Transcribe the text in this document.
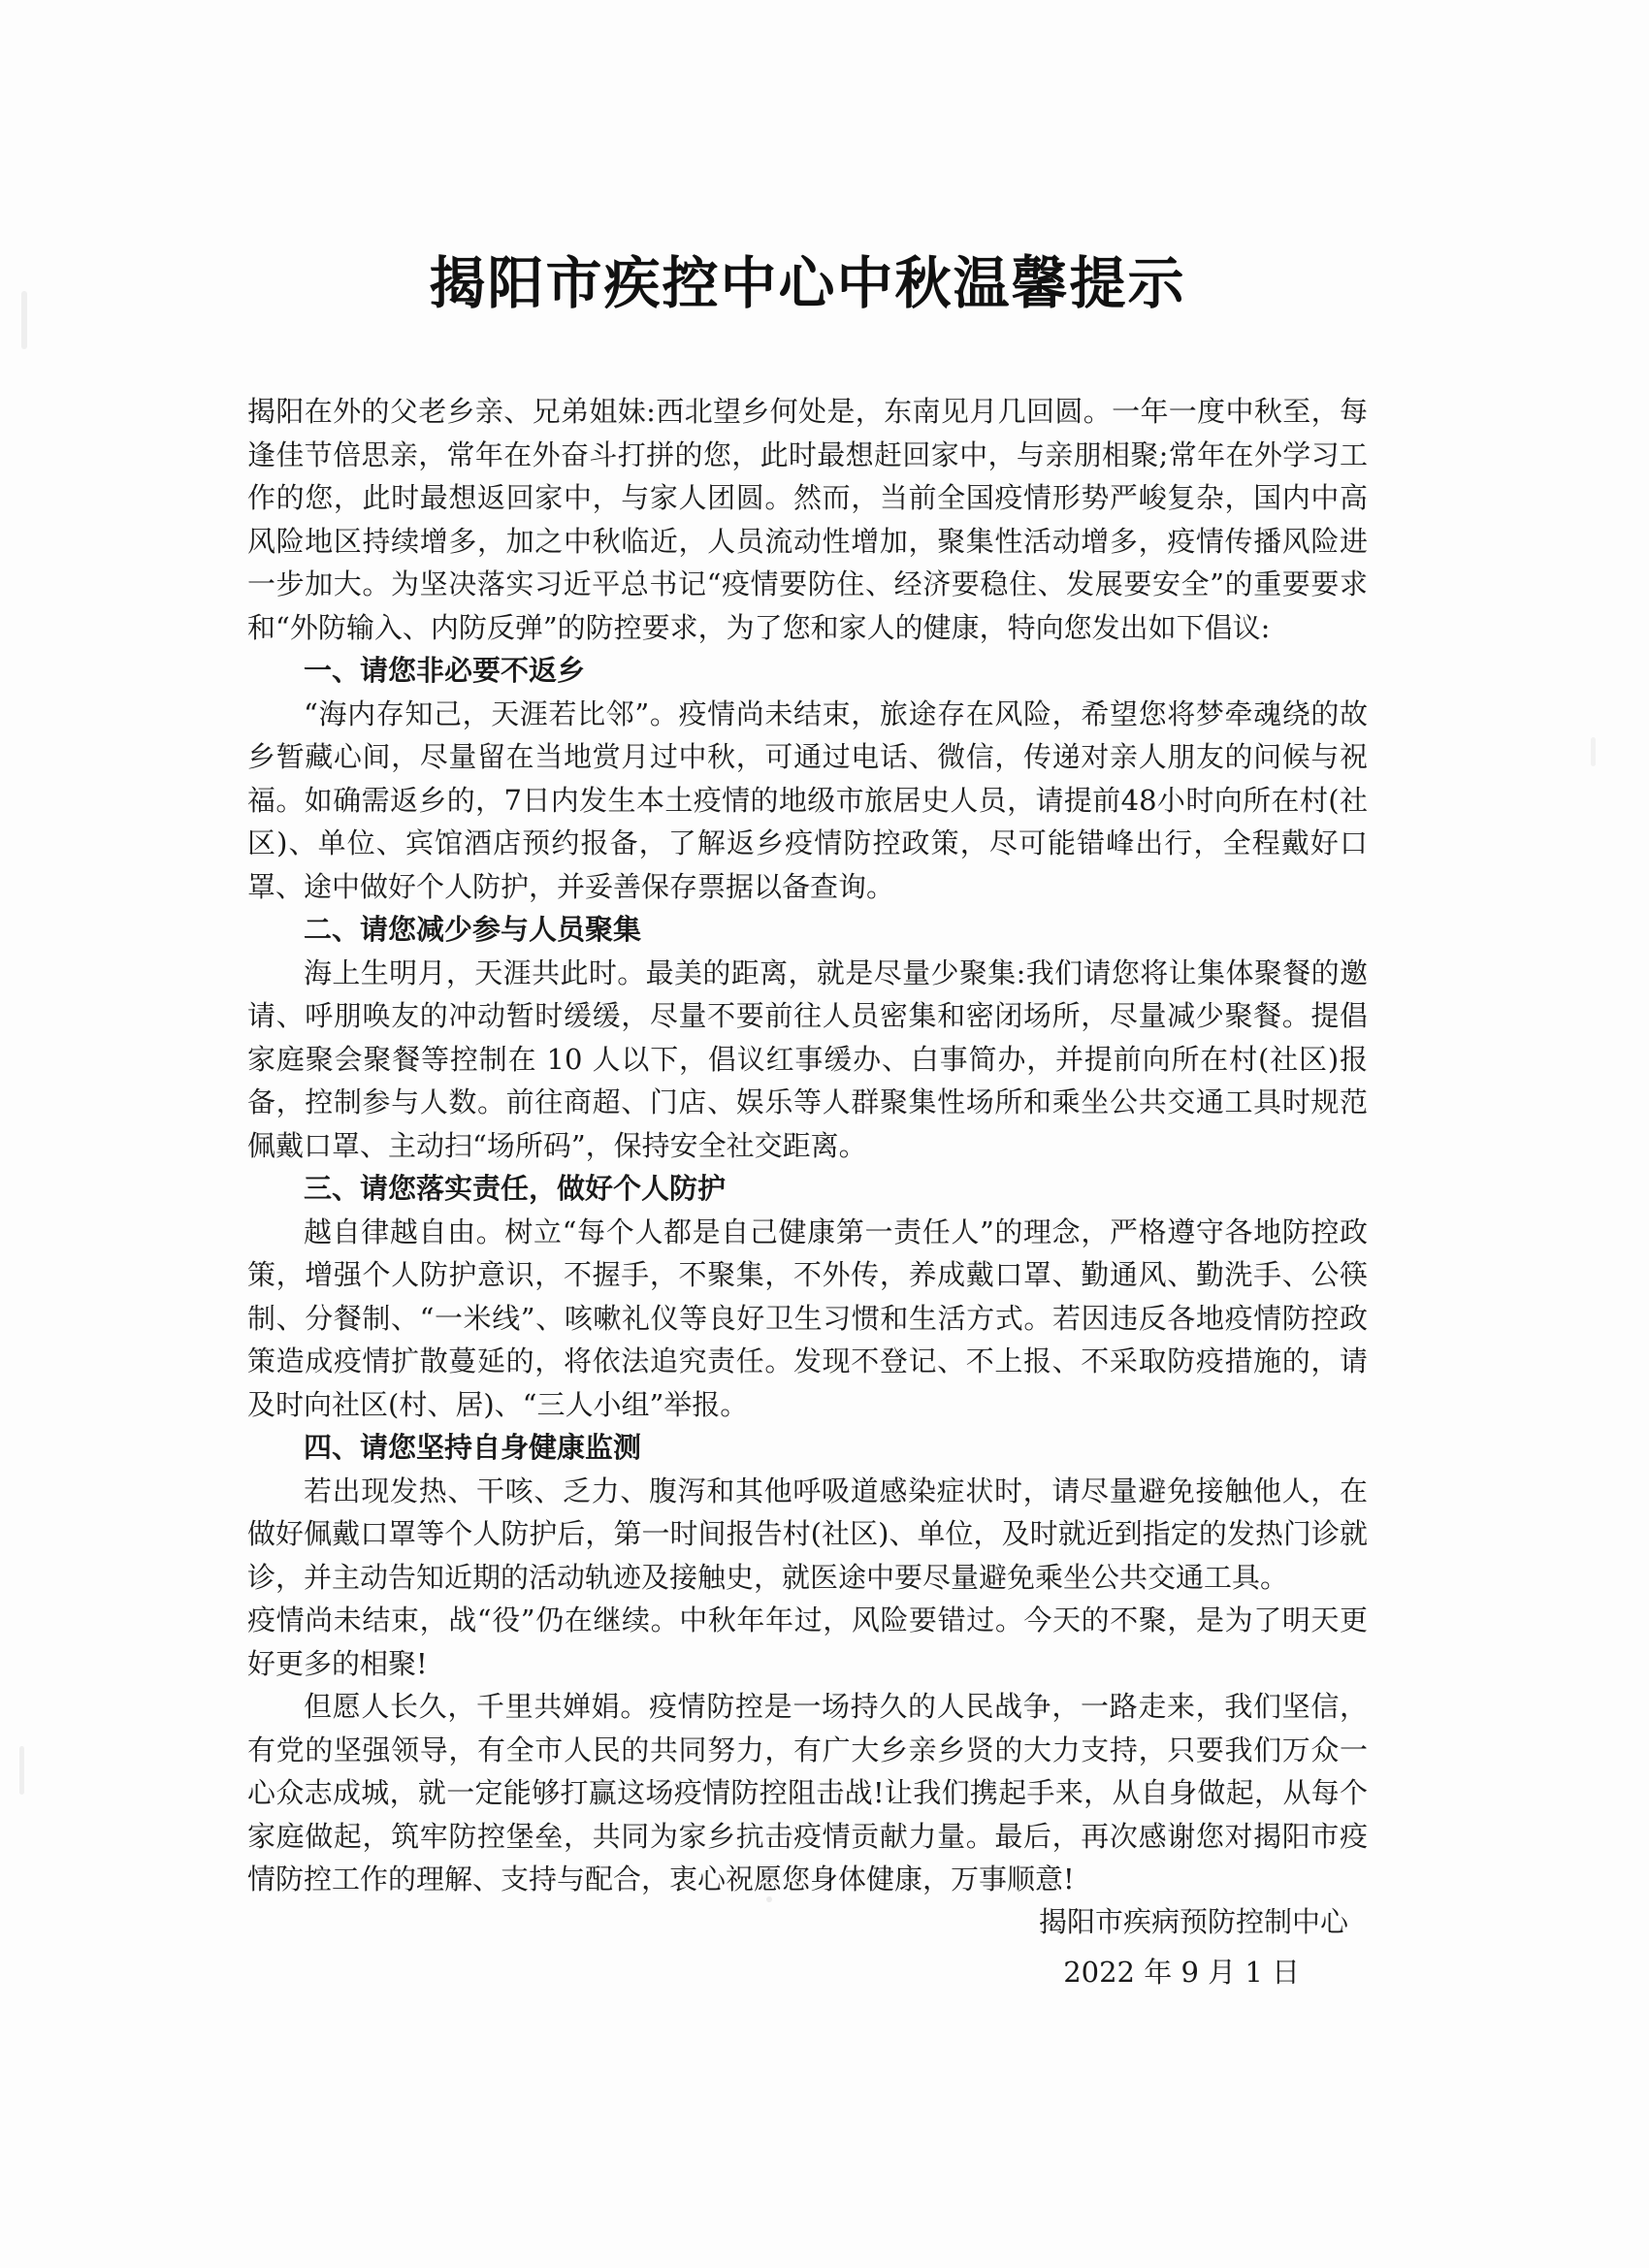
揭阳市疾控中心中秋温馨提示

揭阳在外的父老乡亲、兄弟姐妹:西北望乡何处是，东南见月几回圆。一年一度中秋至，每逢佳节倍思亲，常年在外奋斗打拼的您，此时最想赶回家中，与亲朋相聚;常年在外学习工作的您，此时最想返回家中，与家人团圆。然而，当前全国疫情形势严峻复杂，国内中高风险地区持续增多，加之中秋临近，人员流动性增加，聚集性活动增多，疫情传播风险进一步加大。为坚决落实习近平总书记“疫情要防住、经济要稳住、发展要安全”的重要要求和“外防输入、内防反弹”的防控要求，为了您和家人的健康，特向您发出如下倡议:

一、请您非必要不返乡

“海内存知己，天涯若比邻”。疫情尚未结束，旅途存在风险，希望您将梦牵魂绕的故乡暂藏心间，尽量留在当地赏月过中秋，可通过电话、微信，传递对亲人朋友的问候与祝福。如确需返乡的，7日内发生本土疫情的地级市旅居史人员，请提前48小时向所在村(社区)、单位、宾馆酒店预约报备，了解返乡疫情防控政策，尽可能错峰出行，全程戴好口罩、途中做好个人防护，并妥善保存票据以备查询。

二、请您减少参与人员聚集

海上生明月，天涯共此时。最美的距离，就是尽量少聚集:我们请您将让集体聚餐的邀请、呼朋唤友的冲动暂时缓缓，尽量不要前往人员密集和密闭场所，尽量减少聚餐。提倡家庭聚会聚餐等控制在 10 人以下，倡议红事缓办、白事简办，并提前向所在村(社区)报备，控制参与人数。前往商超、门店、娱乐等人群聚集性场所和乘坐公共交通工具时规范佩戴口罩、主动扫“场所码”，保持安全社交距离。

三、请您落实责任，做好个人防护

越自律越自由。树立“每个人都是自己健康第一责任人”的理念，严格遵守各地防控政策，增强个人防护意识，不握手，不聚集，不外传，养成戴口罩、勤通风、勤洗手、公筷制、分餐制、“一米线”、咳嗽礼仪等良好卫生习惯和生活方式。若因违反各地疫情防控政策造成疫情扩散蔓延的，将依法追究责任。发现不登记、不上报、不采取防疫措施的，请及时向社区(村、居)、“三人小组”举报。

四、请您坚持自身健康监测

若出现发热、干咳、乏力、腹泻和其他呼吸道感染症状时，请尽量避免接触他人，在做好佩戴口罩等个人防护后，第一时间报告村(社区)、单位，及时就近到指定的发热门诊就诊，并主动告知近期的活动轨迹及接触史，就医途中要尽量避免乘坐公共交通工具。

疫情尚未结束，战“役”仍在继续。中秋年年过，风险要错过。今天的不聚，是为了明天更好更多的相聚!

但愿人长久，千里共婵娟。疫情防控是一场持久的人民战争，一路走来，我们坚信，有党的坚强领导，有全市人民的共同努力，有广大乡亲乡贤的大力支持，只要我们万众一心众志成城，就一定能够打赢这场疫情防控阻击战!让我们携起手来，从自身做起，从每个家庭做起，筑牢防控堡垒，共同为家乡抗击疫情贡献力量。最后，再次感谢您对揭阳市疫情防控工作的理解、支持与配合，衷心祝愿您身体健康，万事顺意!

揭阳市疾病预防控制中心
2022 年 9 月 1 日
